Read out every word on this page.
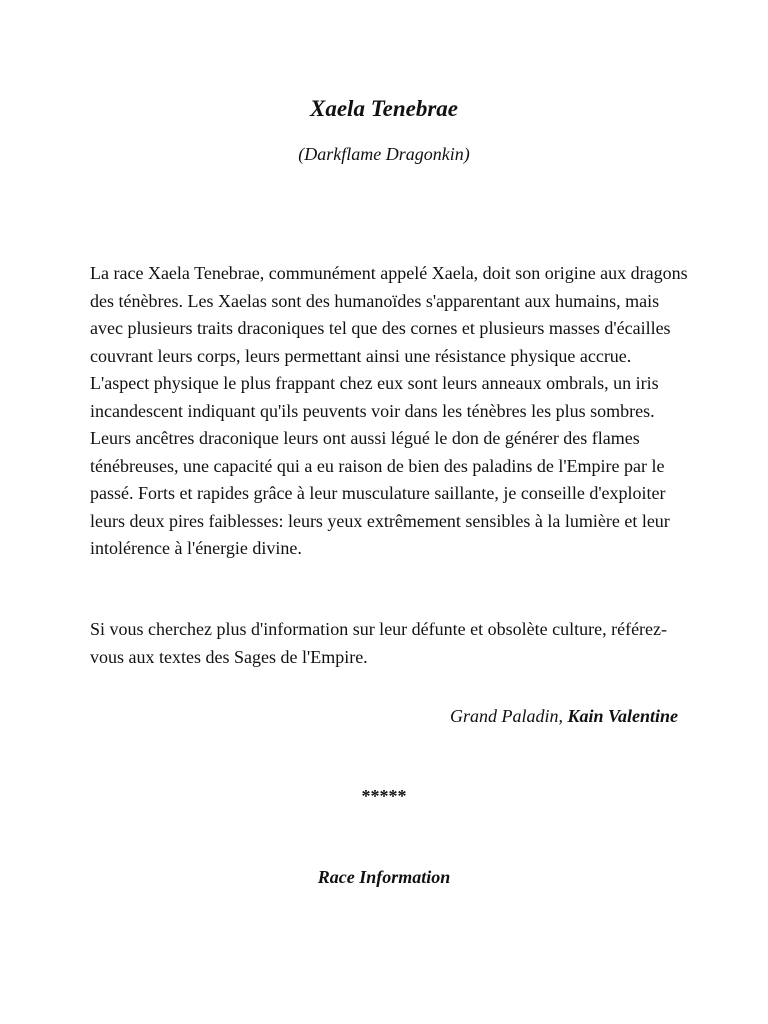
Xaela Tenebrae

(Darkflame Dragonkin)

La race Xaela Tenebrae, communément appelé Xaela, doit son origine aux dragons des ténèbres. Les Xaelas sont des humanoïdes s'apparentant aux humains, mais avec plusieurs traits draconiques tel que des cornes et plusieurs masses d'écailles couvrant leurs corps, leurs permettant ainsi une résistance physique accrue. L'aspect physique le plus frappant chez eux sont leurs anneaux ombrals, un iris incandescent indiquant qu'ils peuvents voir dans les ténèbres les plus sombres. Leurs ancêtres draconique leurs ont aussi légué le don de générer des flames ténébreuses, une capacité qui a eu raison de bien des paladins de l'Empire par le passé. Forts et rapides grâce à leur musculature saillante, je conseille d'exploiter leurs deux pires faiblesses: leurs yeux extrêmement sensibles à la lumière et leur intolérence à l'énergie divine.

Si vous cherchez plus d'information sur leur défunte et obsolète culture, référez-vous aux textes des Sages de l'Empire.

Grand Paladin, Kain Valentine

*****

Race Information
